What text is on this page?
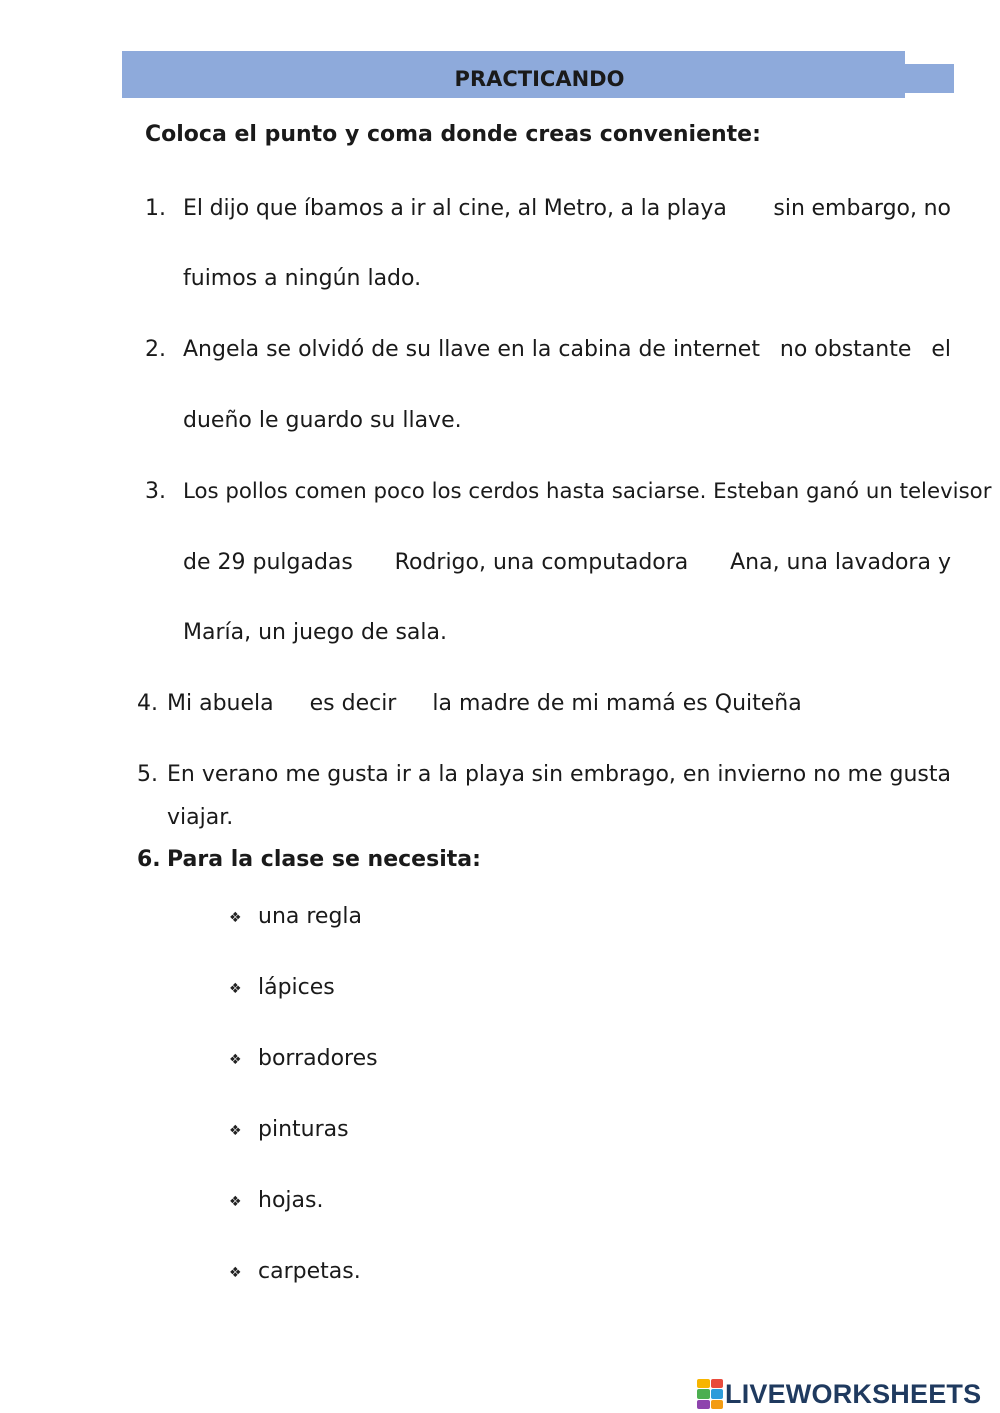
PRACTICANDO
Coloca el punto y coma donde creas conveniente:
1. El dijo que íbamos a ir al cine, al Metro, a la playa sin embargo, no
fuimos a ningún lado.
2. Angela se olvidó de su llave en la cabina de internet no obstante el
dueño le guardo su llave.
3. Los pollos comen poco los cerdos hasta saciarse. Esteban ganó un televisor
de 29 pulgadas Rodrigo, una computadora Ana, una lavadora y
María, un juego de sala.
4. Mi abuela es decir la madre de mi mamá es Quiteña
5. En verano me gusta ir a la playa sin embrago, en invierno no me gusta
viajar.
6. Para la clase se necesita:
❖ una regla
❖ lápices
❖ borradores
❖ pinturas
❖ hojas.
❖ carpetas.
LIVEWORKSHEETS
